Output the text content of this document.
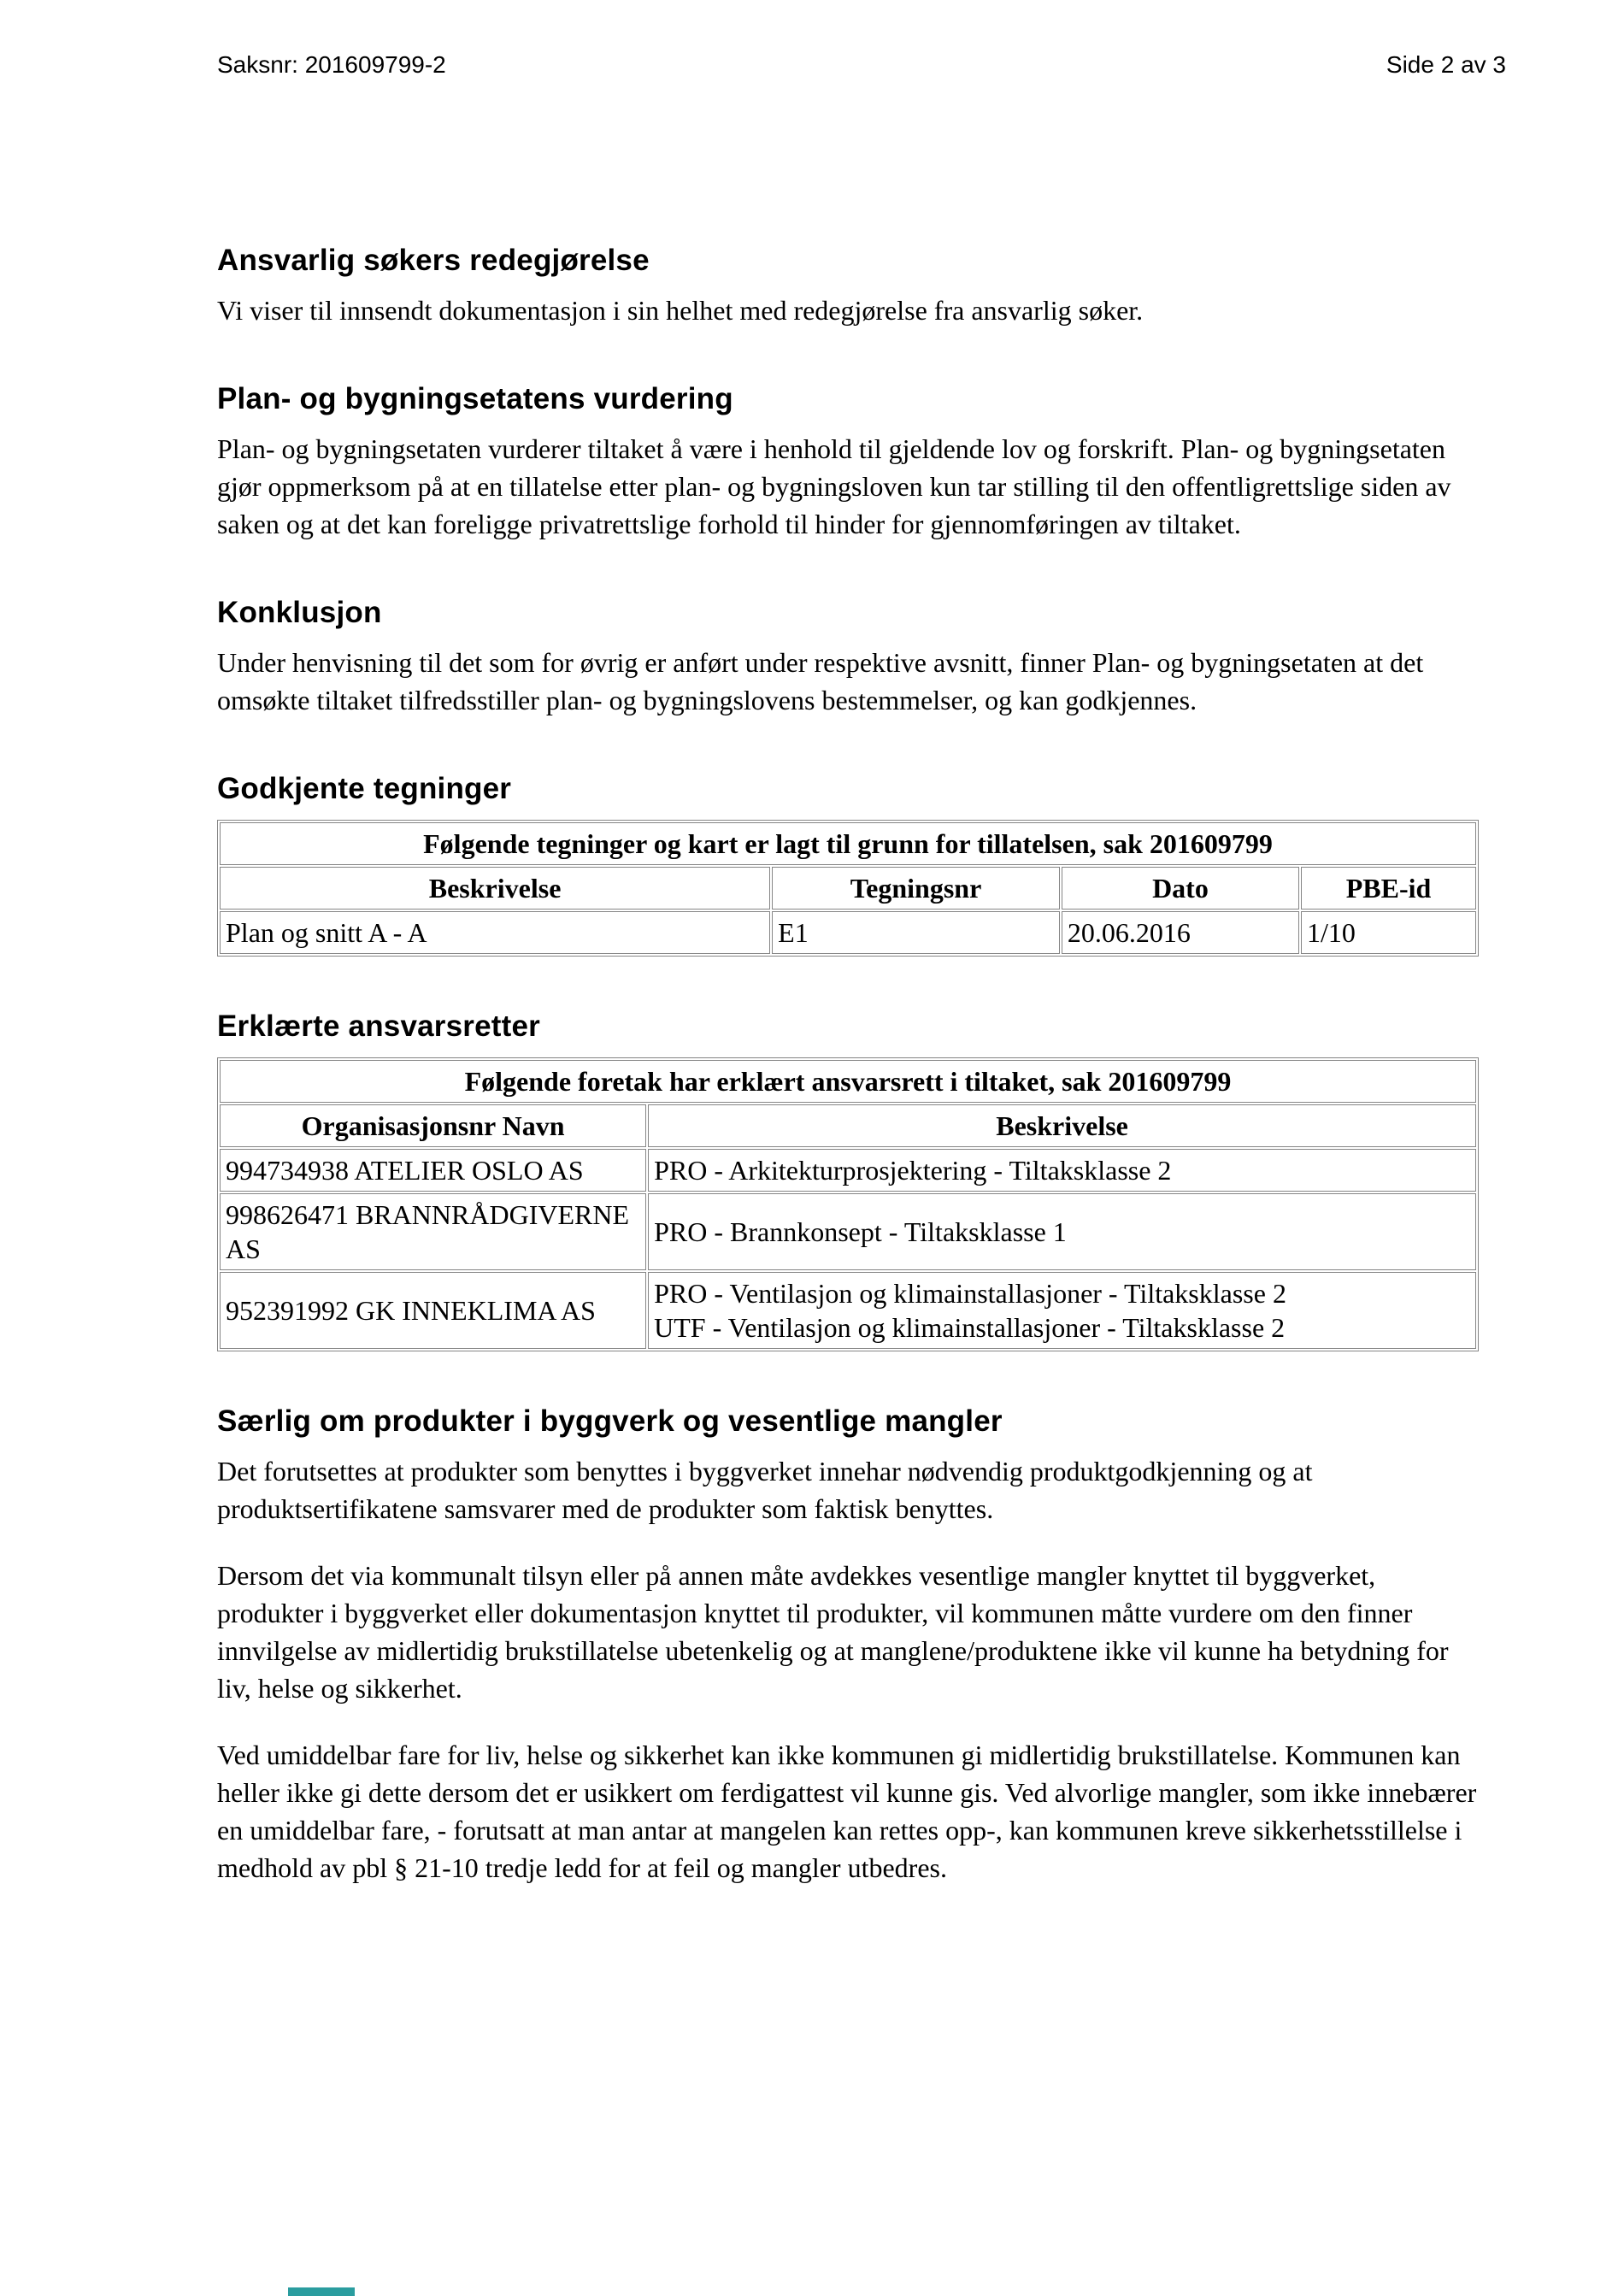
Saksnr: 201609799-2	Side 2 av 3
Ansvarlig søkers redegjørelse

Vi viser til innsendt dokumentasjon i sin helhet med redegjørelse fra ansvarlig søker.

Plan- og bygningsetatens vurdering

Plan- og bygningsetaten vurderer tiltaket å være i henhold til gjeldende lov og forskrift. Plan- og bygningsetaten gjør oppmerksom på at en tillatelse etter plan- og bygningsloven kun tar stilling til den offentligrettslige siden av saken og at det kan foreligge privatrettslige forhold til hinder for gjennomføringen av tiltaket.

Konklusjon

Under henvisning til det som for øvrig er anført under respektive avsnitt, finner Plan- og bygningsetaten at det omsøkte tiltaket tilfredsstiller plan- og bygningslovens bestemmelser, og kan godkjennes.

Godkjente tegninger
Følgende tegninger og kart er lagt til grunn for tillatelsen, sak 201609799			
Beskrivelse	Tegningsnr	Dato	PBE-id
Plan og snitt A - A	E1	20.06.2016	1/10
Erklærte ansvarsretter
Følgende foretak har erklært ansvarsrett i tiltaket, sak 201609799	
Organisasjonsnr Navn	Beskrivelse
994734938 ATELIER OSLO AS	PRO - Arkitekturprosjektering - Tiltaksklasse 2

998626471 BRANNRÅDGIVERNE AS	PRO - Brannkonsept - Tiltaksklasse 1

952391992 GK INNEKLIMA AS	PRO - Ventilasjon og klimainstallasjoner - Tiltaksklasse 2
UTF - Ventilasjon og klimainstallasjoner - Tiltaksklasse 2
Særlig om produkter i byggverk og vesentlige mangler

Det forutsettes at produkter som benyttes i byggverket innehar nødvendig produktgodkjenning og at produktsertifikatene samsvarer med de produkter som faktisk benyttes.

Dersom det via kommunalt tilsyn eller på annen måte avdekkes vesentlige mangler knyttet til byggverket, produkter i byggverket eller dokumentasjon knyttet til produkter, vil kommunen måtte vurdere om den finner innvilgelse av midlertidig brukstillatelse ubetenkelig og at manglene/produktene ikke vil kunne ha betydning for liv, helse og sikkerhet.

Ved umiddelbar fare for liv, helse og sikkerhet kan ikke kommunen gi midlertidig brukstillatelse. Kommunen kan heller ikke gi dette dersom det er usikkert om ferdigattest vil kunne gis. Ved alvorlige mangler, som ikke innebærer en umiddelbar fare, - forutsatt at man antar at mangelen kan rettes opp-, kan kommunen kreve sikkerhetsstillelse i medhold av pbl § 21-10 tredje ledd for at feil og mangler utbedres.
